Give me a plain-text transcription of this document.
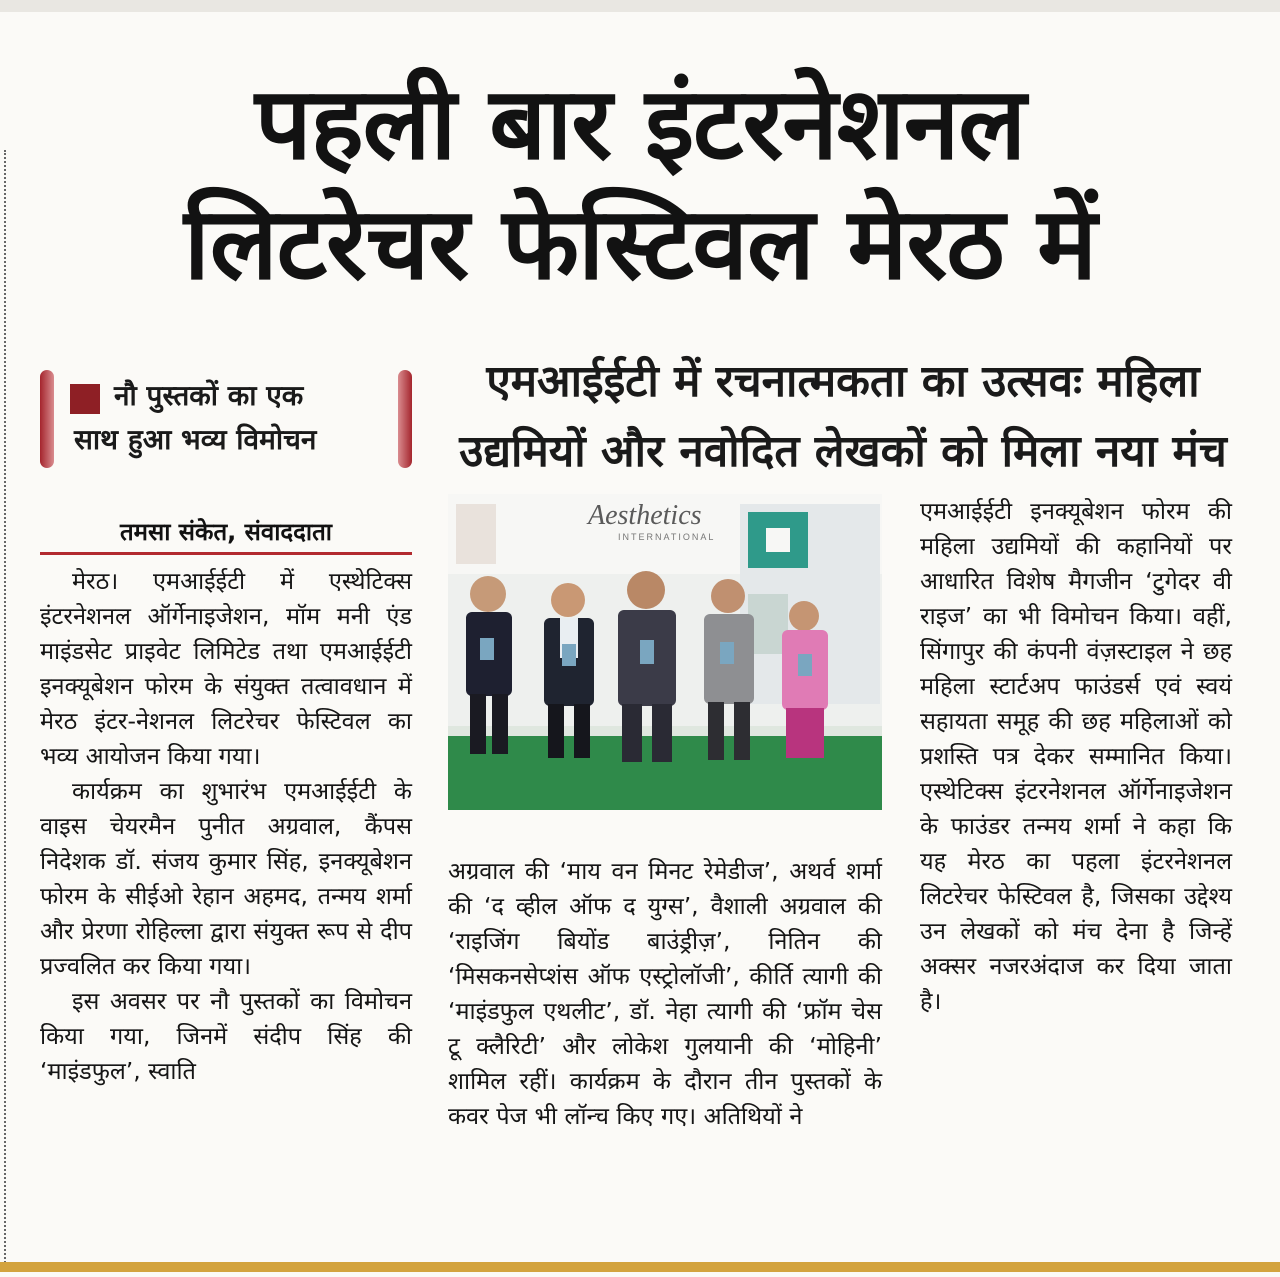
पहली बार इंटरनेशनल
लिटरेचर फेस्टिवल मेरठ में
नौ पुस्तकों का एक
साथ हुआ भव्य विमोचन
एमआईईटी में रचनात्मकता का उत्सवः महिला
उद्यमियों और नवोदित लेखकों को मिला नया मंच
तमसा संकेत, संवाददाता

मेरठ। एमआईईटी में एस्थेटिक्स इंटरनेशनल ऑर्गेनाइजेशन, मॉम मनी एंड माइंडसेट प्राइवेट लिमिटेड तथा एमआईईटी इनक्यूबेशन फोरम के संयुक्त तत्वावधान में मेरठ इंटर-नेशनल लिटरेचर फेस्टिवल का भव्य आयोजन किया गया।

कार्यक्रम का शुभारंभ एमआईईटी के वाइस चेयरमैन पुनीत अग्रवाल, कैंपस निदेशक डॉ. संजय कुमार सिंह, इनक्यूबेशन फोरम के सीईओ रेहान अहमद, तन्मय शर्मा और प्रेरणा रोहिल्ला द्वारा संयुक्त रूप से दीप प्रज्वलित कर किया गया।

इस अवसर पर नौ पुस्तकों का विमोचन किया गया, जिनमें संदीप सिंह की ‘माइंडफुल’, स्वाति

Aesthetics
INTERNATIONAL

अग्रवाल की ‘माय वन मिनट रेमेडीज’, अथर्व शर्मा की ‘द व्हील ऑफ द युग्स’, वैशाली अग्रवाल की ‘राइजिंग बियोंड बाउंड्रीज़’, नितिन की ‘मिसकनसेप्शंस ऑफ एस्ट्रोलॉजी’, कीर्ति त्यागी की ‘माइंडफुल एथलीट’, डॉ. नेहा त्यागी की ‘फ्रॉम चेस टू क्लैरिटी’ और लोकेश गुलयानी की ‘मोहिनी’ शामिल रहीं। कार्यक्रम के दौरान तीन पुस्तकों के कवर पेज भी लॉन्च किए गए। अतिथियों ने

एमआईईटी इनक्यूबेशन फोरम की महिला उद्यमियों की कहानियों पर आधारित विशेष मैगजीन ‘टुगेदर वी राइज’ का भी विमोचन किया। वहीं, सिंगापुर की कंपनी वंज़स्टाइल ने छह महिला स्टार्टअप फाउंडर्स एवं स्वयं सहायता समूह की छह महिलाओं को प्रशस्ति पत्र देकर सम्मानित किया। एस्थेटिक्स इंटरनेशनल ऑर्गेनाइजेशन के फाउंडर तन्मय शर्मा ने कहा कि यह मेरठ का पहला इंटरनेशनल लिटरेचर फेस्टिवल है, जिसका उद्देश्य उन लेखकों को मंच देना है जिन्हें अक्सर नजरअंदाज कर दिया जाता है।
